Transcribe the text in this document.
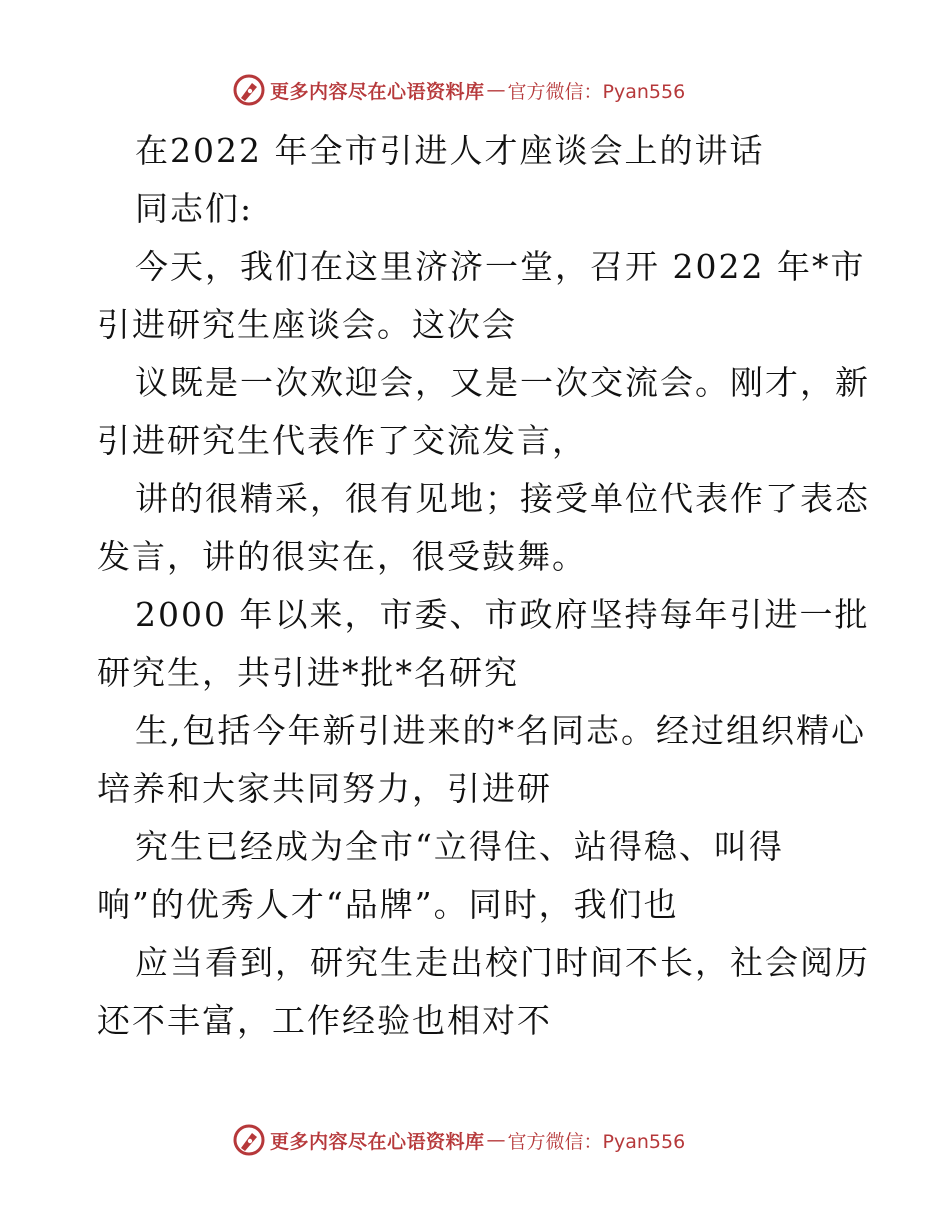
更多内容尽在心语资料库 — 官方微信：Pyan556

在2022 年全市引进人才座谈会上的讲话

同志们:

今天，我们在这里济济一堂，召开 2022 年*市

引进研究生座谈会。这次会

议既是一次欢迎会，又是一次交流会。刚才，新

引进研究生代表作了交流发言，

讲的很精采，很有见地；接受单位代表作了表态

发言，讲的很实在，很受鼓舞。

2000 年以来，市委、市政府坚持每年引进一批

研究生，共引进*批*名研究

生,包括今年新引进来的*名同志。经过组织精心

培养和大家共同努力，引进研

究生已经成为全市“立得住、站得稳、叫得

响”的优秀人才“品牌”。同时，我们也

应当看到，研究生走出校门时间不长，社会阅历

还不丰富，工作经验也相对不

更多内容尽在心语资料库 — 官方微信：Pyan556
